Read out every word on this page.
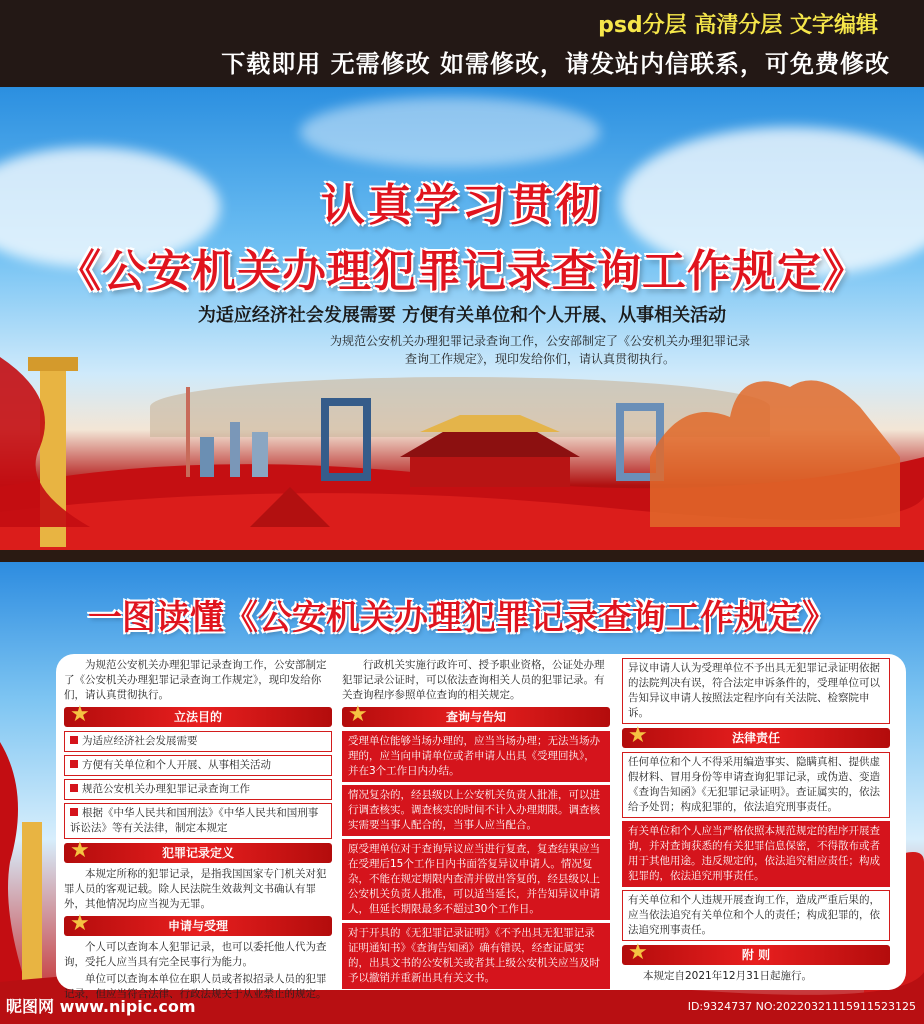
psd分层 高清分层 文字编辑
下载即用 无需修改 如需修改，请发站内信联系，可免费修改
认真学习贯彻
《公安机关办理犯罪记录查询工作规定》
为适应经济社会发展需要 方便有关单位和个人开展、从事相关活动
为规范公安机关办理犯罪记录查询工作，公安部制定了《公安机关办理犯罪记录查询工作规定》，现印发给你们，请认真贯彻执行。
一图读懂《公安机关办理犯罪记录查询工作规定》

为规范公安机关办理犯罪记录查询工作，公安部制定了《公安机关办理犯罪记录查询工作规定》，现印发给你们，请认真贯彻执行。

★	立法目的
为适应经济社会发展需要
方便有关单位和个人开展、从事相关活动
规范公安机关办理犯罪记录查询工作
根据《中华人民共和国刑法》《中华人民共和国刑事诉讼法》等有关法律，制定本规定
★	犯罪记录定义

本规定所称的犯罪记录，是指我国国家专门机关对犯罪人员的客观记载。除人民法院生效裁判文书确认有罪外，其他情况均应当视为无罪。

★	申请与受理

个人可以查询本人犯罪记录，也可以委托他人代为查询，受托人应当具有完全民事行为能力。

单位可以查询本单位在职人员或者拟招录人员的犯罪记录，但应当符合法律、行政法规关于从业禁止的规定。

行政机关实施行政许可、授予职业资格，公证处办理犯罪记录公证时，可以依法查询相关人员的犯罪记录。有关查询程序参照单位查询的相关规定。

★	查询与告知
受理单位能够当场办理的，应当当场办理；无法当场办理的，应当向申请单位或者申请人出具《受理回执》，并在3个工作日内办结。
情况复杂的，经县级以上公安机关负责人批准，可以进行调查核实。调查核实的时间不计入办理期限。调查核实需要当事人配合的，当事人应当配合。
原受理单位对于查询异议应当进行复查，复查结果应当在受理后15个工作日内书面答复异议申请人。情况复杂，不能在规定期限内查清并做出答复的，经县级以上公安机关负责人批准，可以适当延长，并告知异议申请人，但延长期限最多不超过30个工作日。
对于开具的《无犯罪记录证明》《不予出具无犯罪记录证明通知书》《查询告知函》确有错误，经查证属实的，出具文书的公安机关或者其上级公安机关应当及时予以撤销并重新出具有关文书。
异议申请人认为受理单位不予出具无犯罪记录证明依据的法院判决有误，符合法定申诉条件的，受理单位可以告知异议申请人按照法定程序向有关法院、检察院申诉。
★	法律责任
任何单位和个人不得采用编造事实、隐瞒真相、提供虚假材料、冒用身份等申请查询犯罪记录，或伪造、变造《查询告知函》《无犯罪记录证明》。查证属实的，依法给予处罚；构成犯罪的，依法追究刑事责任。
有关单位和个人应当严格依照本规范规定的程序开展查询，并对查询获悉的有关犯罪信息保密，不得散布或者用于其他用途。违反规定的，依法追究相应责任；构成犯罪的，依法追究刑事责任。
有关单位和个人违规开展查询工作，造成严重后果的，应当依法追究有关单位和个人的责任；构成犯罪的，依法追究刑事责任。
★	附 则

本规定自2021年12月31日起施行。

昵图网 www.nipic.com	ID:9324737 NO:20220321115911523125
